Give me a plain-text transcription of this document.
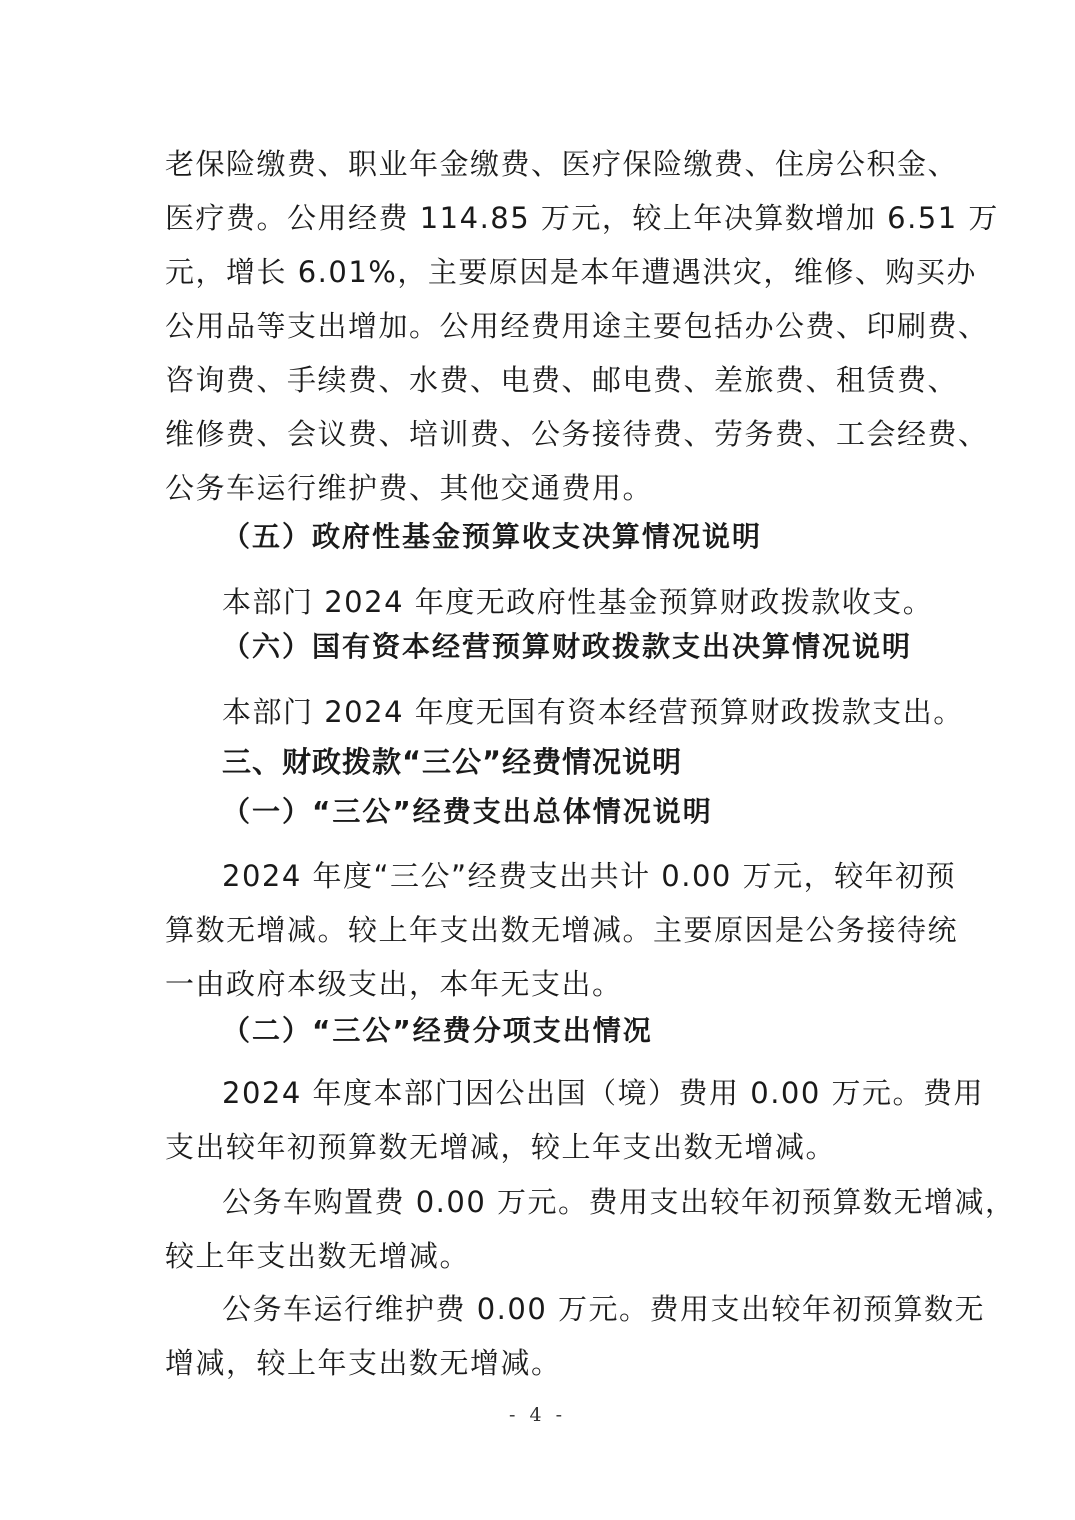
老保险缴费、职业年金缴费、医疗保险缴费、住房公积金、
医疗费。公用经费 114.85 万元，较上年决算数增加 6.51 万
元，增长 6.01%，主要原因是本年遭遇洪灾，维修、购买办
公用品等支出增加。公用经费用途主要包括办公费、印刷费、
咨询费、手续费、水费、电费、邮电费、差旅费、租赁费、
维修费、会议费、培训费、公务接待费、劳务费、工会经费、
公务车运行维护费、其他交通费用。
（五）政府性基金预算收支决算情况说明
本部门 2024 年度无政府性基金预算财政拨款收支。
（六）国有资本经营预算财政拨款支出决算情况说明
本部门 2024 年度无国有资本经营预算财政拨款支出。
三、财政拨款“三公”经费情况说明
（一）“三公”经费支出总体情况说明
2024 年度“三公”经费支出共计 0.00 万元，较年初预
算数无增减。较上年支出数无增减。主要原因是公务接待统
一由政府本级支出，本年无支出。
（二）“三公”经费分项支出情况
2024 年度本部门因公出国（境）费用 0.00 万元。费用
支出较年初预算数无增减，较上年支出数无增减。
公务车购置费 0.00 万元。费用支出较年初预算数无增减，
较上年支出数无增减。
公务车运行维护费 0.00 万元。费用支出较年初预算数无
增减，较上年支出数无增减。
- 4 -
